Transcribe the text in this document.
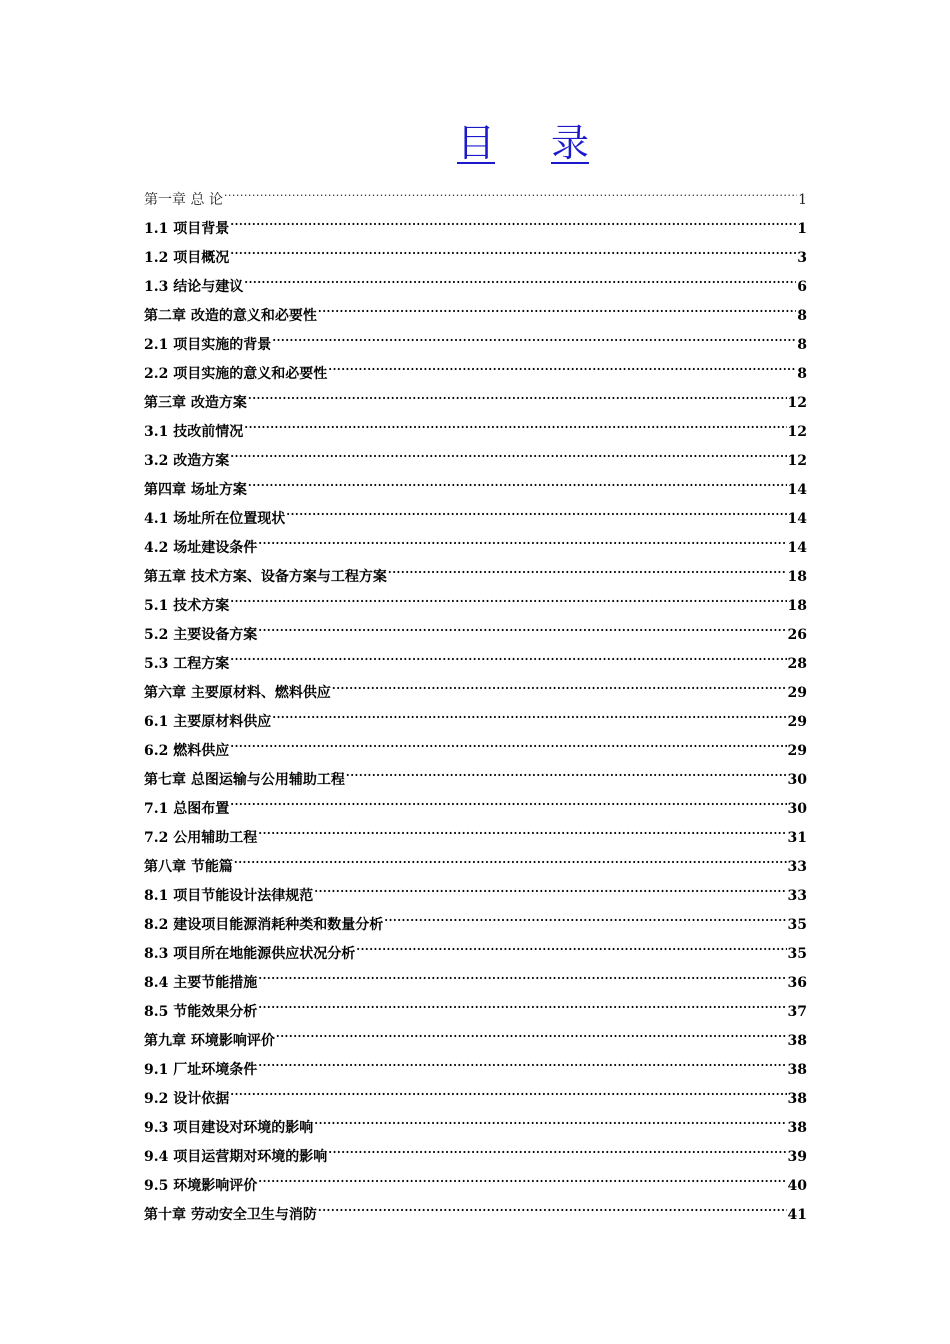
目 录
第一章 总 论 .....	1
1.1 项目背景 .....	1
1.2 项目概况 .....	3
1.3 结论与建议 .....	6
第二章 改造的意义和必要性 .....	8
2.1 项目实施的背景 .....	8
2.2 项目实施的意义和必要性 .....	8
第三章 改造方案 .....	12
3.1 技改前情况 .....	12
3.2 改造方案 .....	12
第四章 场址方案 .....	14
4.1 场址所在位置现状 .....	14
4.2 场址建设条件 .....	14
第五章 技术方案、设备方案与工程方案 .....	18
5.1 技术方案 .....	18
5.2 主要设备方案 .....	26
5.3 工程方案 .....	28
第六章 主要原材料、燃料供应 .....	29
6.1 主要原材料供应 .....	29
6.2 燃料供应 .....	29
第七章 总图运输与公用辅助工程 .....	30
7.1 总图布置 .....	30
7.2 公用辅助工程 .....	31
第八章 节能篇 .....	33
8.1 项目节能设计法律规范 .....	33
8.2 建设项目能源消耗种类和数量分析 .....	35
8.3 项目所在地能源供应状况分析 .....	35
8.4 主要节能措施 .....	36
8.5 节能效果分析 .....	37
第九章 环境影响评价 .....	38
9.1 厂址环境条件 .....	38
9.2 设计依据 .....	38
9.3 项目建设对环境的影响 .....	38
9.4 项目运营期对环境的影响 .....	39
9.5 环境影响评价 .....	40
第十章 劳动安全卫生与消防 .....	41
